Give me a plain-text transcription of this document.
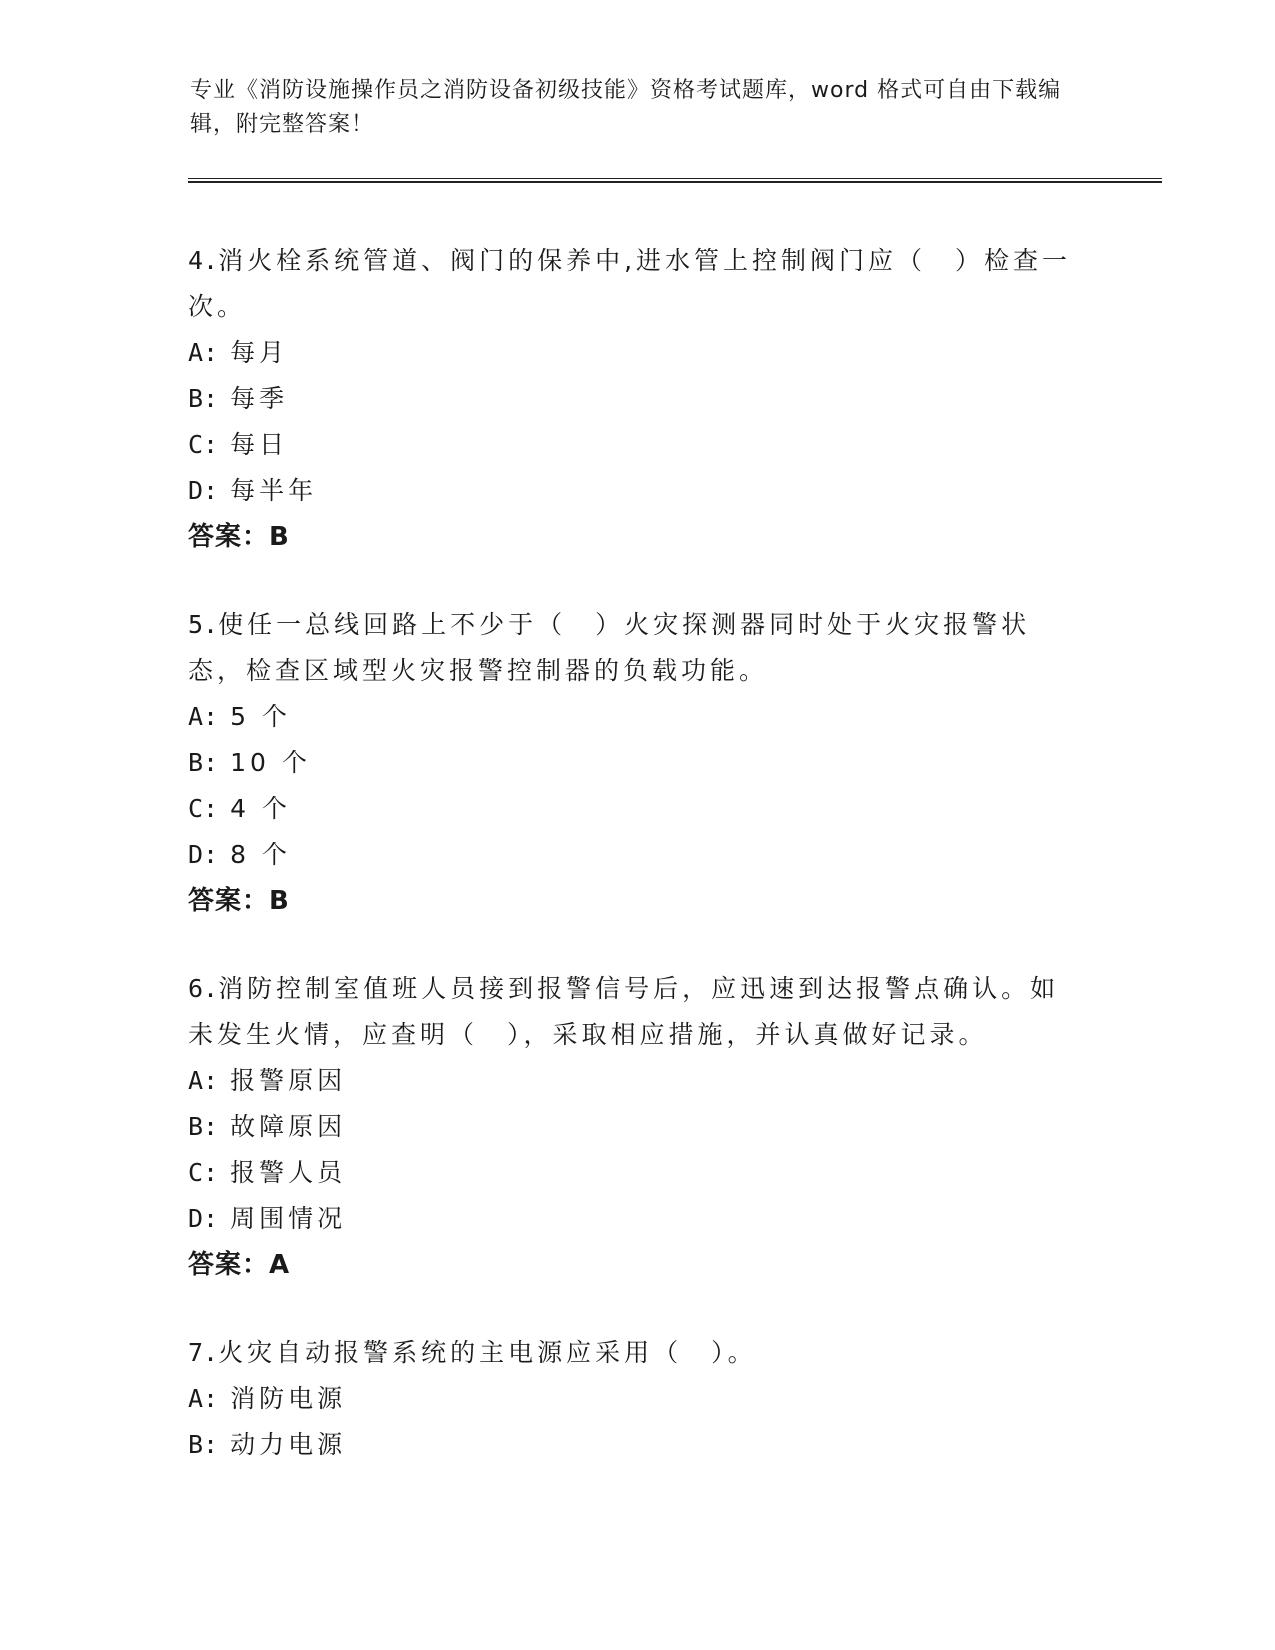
专业《消防设施操作员之消防设备初级技能》资格考试题库，word 格式可自由下载编辑，附完整答案！
4.消火栓系统管道、阀门的保养中,进水管上控制阀门应（　）检查一次。
A: 每月
B: 每季
C: 每日
D: 每半年
答案：B
5.使任一总线回路上不少于（　）火灾探测器同时处于火灾报警状态，检查区域型火灾报警控制器的负载功能。
A: 5 个
B: 10 个
C: 4 个
D: 8 个
答案：B
6.消防控制室值班人员接到报警信号后，应迅速到达报警点确认。如未发生火情，应查明（　），采取相应措施，并认真做好记录。
A: 报警原因
B: 故障原因
C: 报警人员
D: 周围情况
答案：A
7.火灾自动报警系统的主电源应采用（　）。
A: 消防电源
B: 动力电源
